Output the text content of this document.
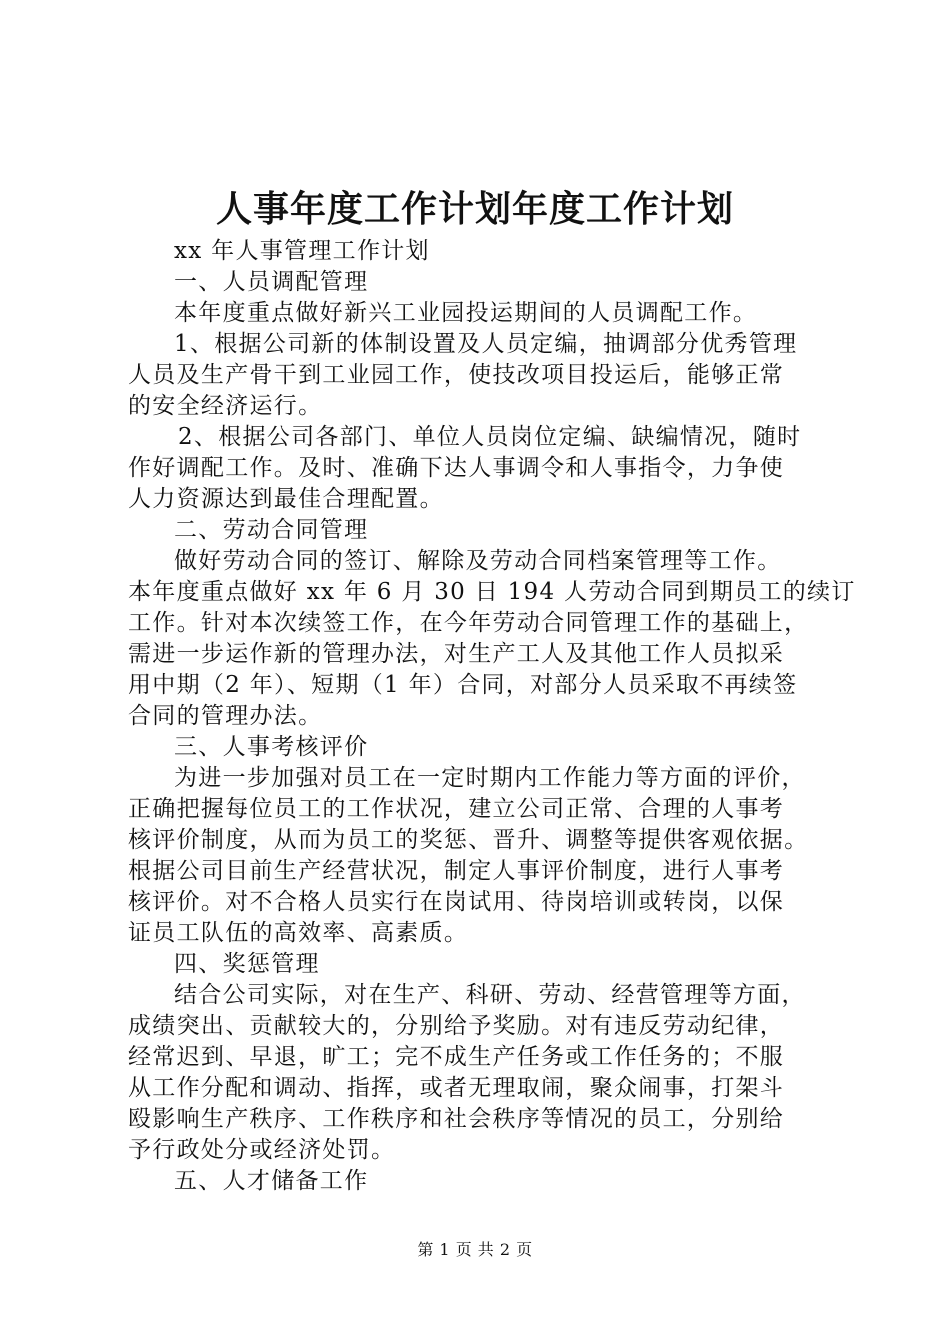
人事年度工作计划年度工作计划

xx 年人事管理工作计划

一、人员调配管理

本年度重点做好新兴工业园投运期间的人员调配工作。

1、根据公司新的体制设置及人员定编，抽调部分优秀管理

人员及生产骨干到工业园工作，使技改项目投运后，能够正常

的安全经济运行。

2、根据公司各部门、单位人员岗位定编、缺编情况，随时

作好调配工作。及时、准确下达人事调令和人事指令，力争使

人力资源达到最佳合理配置。

二、劳动合同管理

做好劳动合同的签订、解除及劳动合同档案管理等工作。

本年度重点做好 xx 年 6 月 30 日 194 人劳动合同到期员工的续订

工作。针对本次续签工作，在今年劳动合同管理工作的基础上，

需进一步运作新的管理办法，对生产工人及其他工作人员拟采

用中期（2 年）、短期（1 年）合同，对部分人员采取不再续签

合同的管理办法。

三、人事考核评价

为进一步加强对员工在一定时期内工作能力等方面的评价，

正确把握每位员工的工作状况，建立公司正常、合理的人事考

核评价制度，从而为员工的奖惩、晋升、调整等提供客观依据。

根据公司目前生产经营状况，制定人事评价制度，进行人事考

核评价。对不合格人员实行在岗试用、待岗培训或转岗，以保

证员工队伍的高效率、高素质。

四、奖惩管理

结合公司实际，对在生产、科研、劳动、经营管理等方面，

成绩突出、贡献较大的，分别给予奖励。对有违反劳动纪律，

经常迟到、早退，旷工；完不成生产任务或工作任务的；不服

从工作分配和调动、指挥，或者无理取闹，聚众闹事，打架斗

殴影响生产秩序、工作秩序和社会秩序等情况的员工，分别给

予行政处分或经济处罚。

五、人才储备工作

第 1 页 共 2 页
